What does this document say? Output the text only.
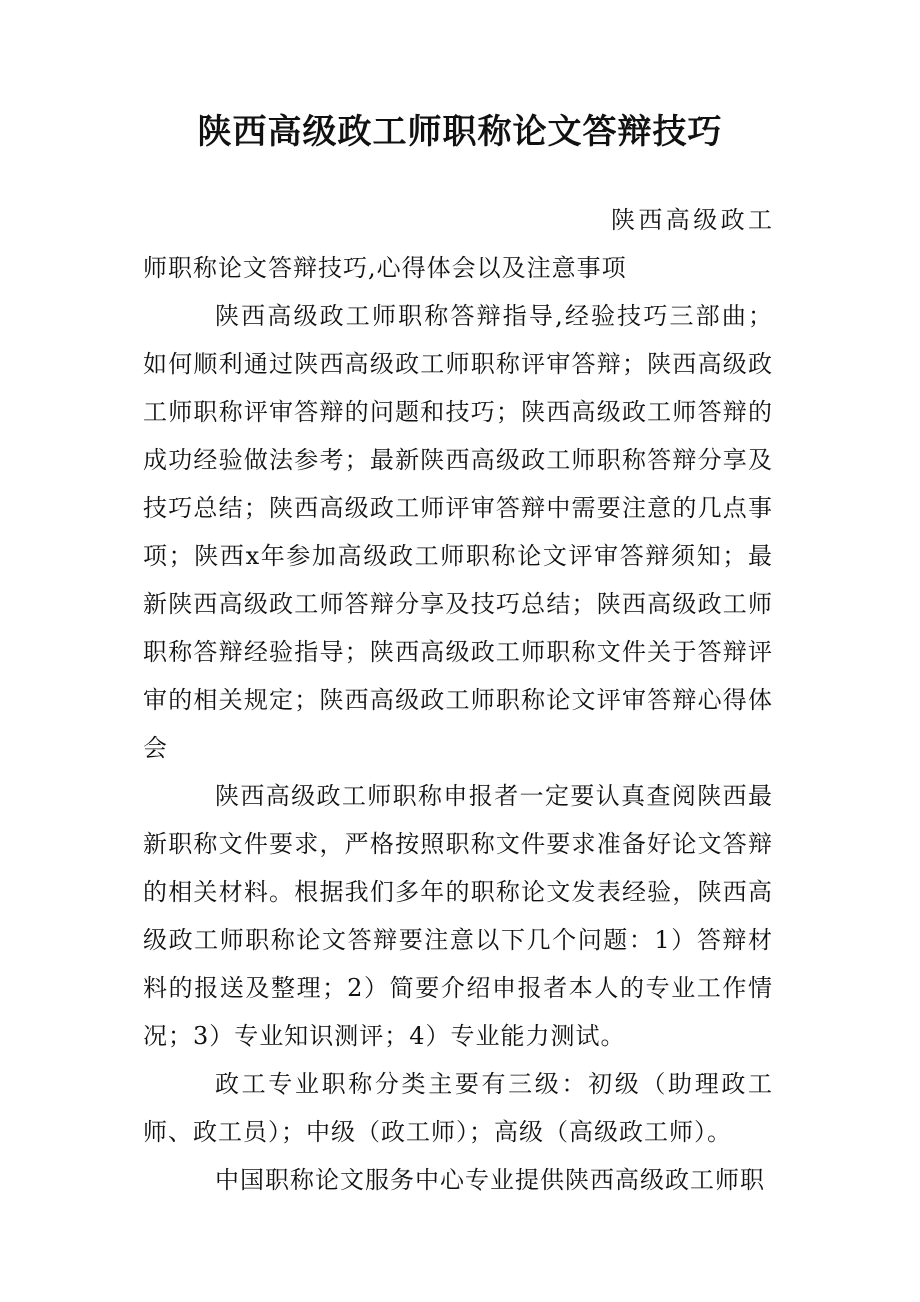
陕西高级政工师职称论文答辩技巧

陕西高级政工师职称论文答辩技巧,心得体会以及注意事项

陕西高级政工师职称答辩指导,经验技巧三部曲；如何顺利通过陕西高级政工师职称评审答辩；陕西高级政工师职称评审答辩的问题和技巧；陕西高级政工师答辩的成功经验做法参考；最新陕西高级政工师职称答辩分享及技巧总结；陕西高级政工师评审答辩中需要注意的几点事项；陕西x年参加高级政工师职称论文评审答辩须知；最新陕西高级政工师答辩分享及技巧总结；陕西高级政工师职称答辩经验指导；陕西高级政工师职称文件关于答辩评审的相关规定；陕西高级政工师职称论文评审答辩心得体会

陕西高级政工师职称申报者一定要认真查阅陕西最新职称文件要求，严格按照职称文件要求准备好论文答辩的相关材料。根据我们多年的职称论文发表经验，陕西高级政工师职称论文答辩要注意以下几个问题：1）答辩材料的报送及整理；2）简要介绍申报者本人的专业工作情况；3）专业知识测评；4）专业能力测试。

政工专业职称分类主要有三级：初级（助理政工师、政工员）；中级（政工师）；高级（高级政工师）。

中国职称论文服务中心专业提供陕西高级政工师职
